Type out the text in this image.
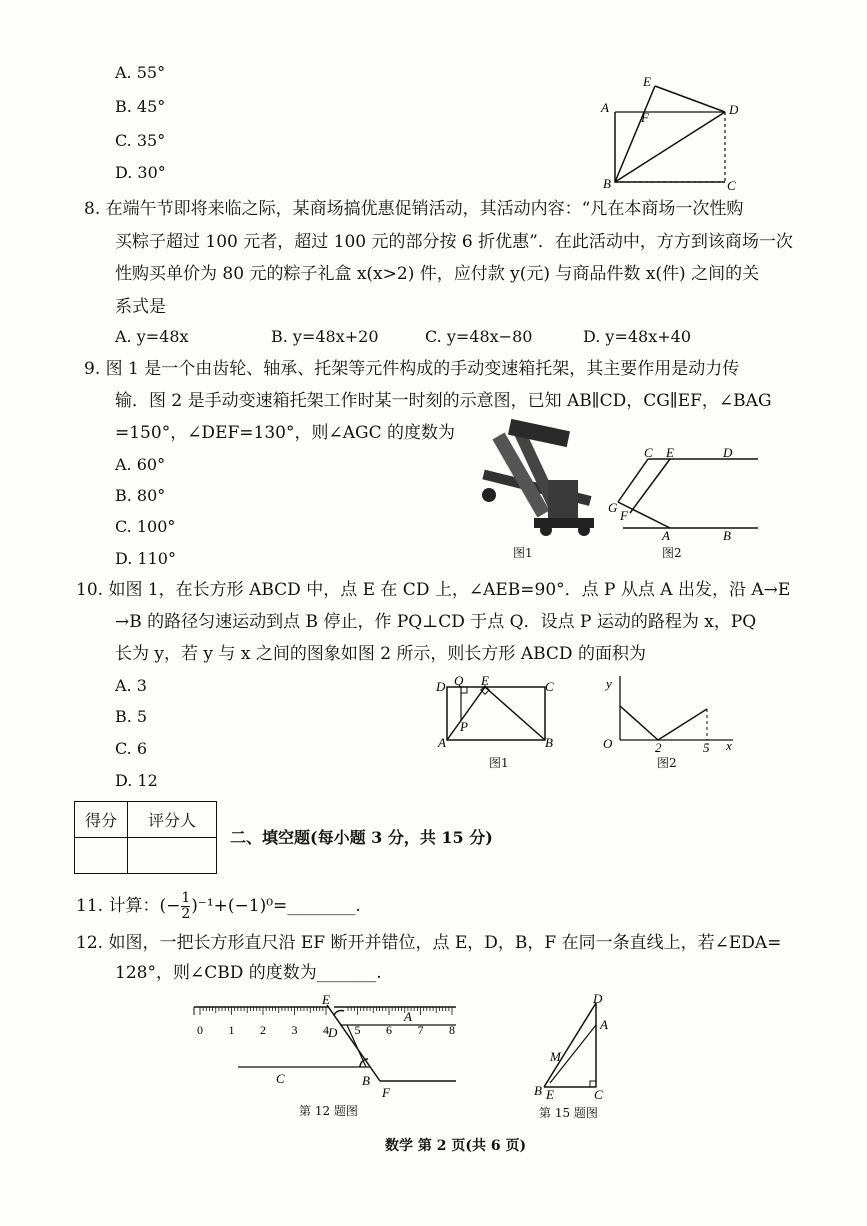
A. 55°
B. 45°
C. 35°
D. 30°
A
B	C
D
E
F
8. 在端午节即将来临之际，某商场搞优惠促销活动，其活动内容：“凡在本商场一次性购
买粽子超过 100 元者，超过 100 元的部分按 6 折优惠”．在此活动中，方方到该商场一次
性购买单价为 80 元的粽子礼盒 x(x>2) 件，应付款 y(元) 与商品件数 x(件) 之间的关
系式是
A. y=48x	B. y=48x+20	C. y=48x−80	D. y=48x+40
9. 图 1 是一个由齿轮、轴承、托架等元件构成的手动变速箱托架，其主要作用是动力传
输．图 2 是手动变速箱托架工作时某一时刻的示意图，已知 AB∥CD，CG∥EF，∠BAG
=150°，∠DEF=130°，则∠AGC 的度数为
A. 60°
B. 80°
C. 100°
D. 110°	图1
C E	D
G
F
A	B
图2
10. 如图 1，在长方形 ABCD 中，点 E 在 CD 上，∠AEB=90°．点 P 从点 A 出发，沿 A→E
→B 的路径匀速运动到点 B 停止，作 PQ⊥CD 于点 Q．设点 P 运动的路程为 x，PQ
长为 y，若 y 与 x 之间的图象如图 2 所示，则长方形 ABCD 的面积为
A. 3
B. 5
C. 6
D. 12
D Q E	C
P
A	B
图1
y
O	2	5 x
图2
得分	评分人

二、填空题(每小题 3 分，共 15 分)
11. 计算：(− $\frac{1}{2}$ )⁻¹+(−1)⁰=________.
12. 如图，一把长方形直尺沿 EF 断开并错位，点 E，D，B，F 在同一条直线上，若∠EDA=
128°，则∠CBD 的度数为_______.
0 1 2 3 4 5 6 7 8
E
D
A
C	B
F
第 12 题图
D
A
M
B E	C
第 15 题图
数学 第 2 页(共 6 页)
